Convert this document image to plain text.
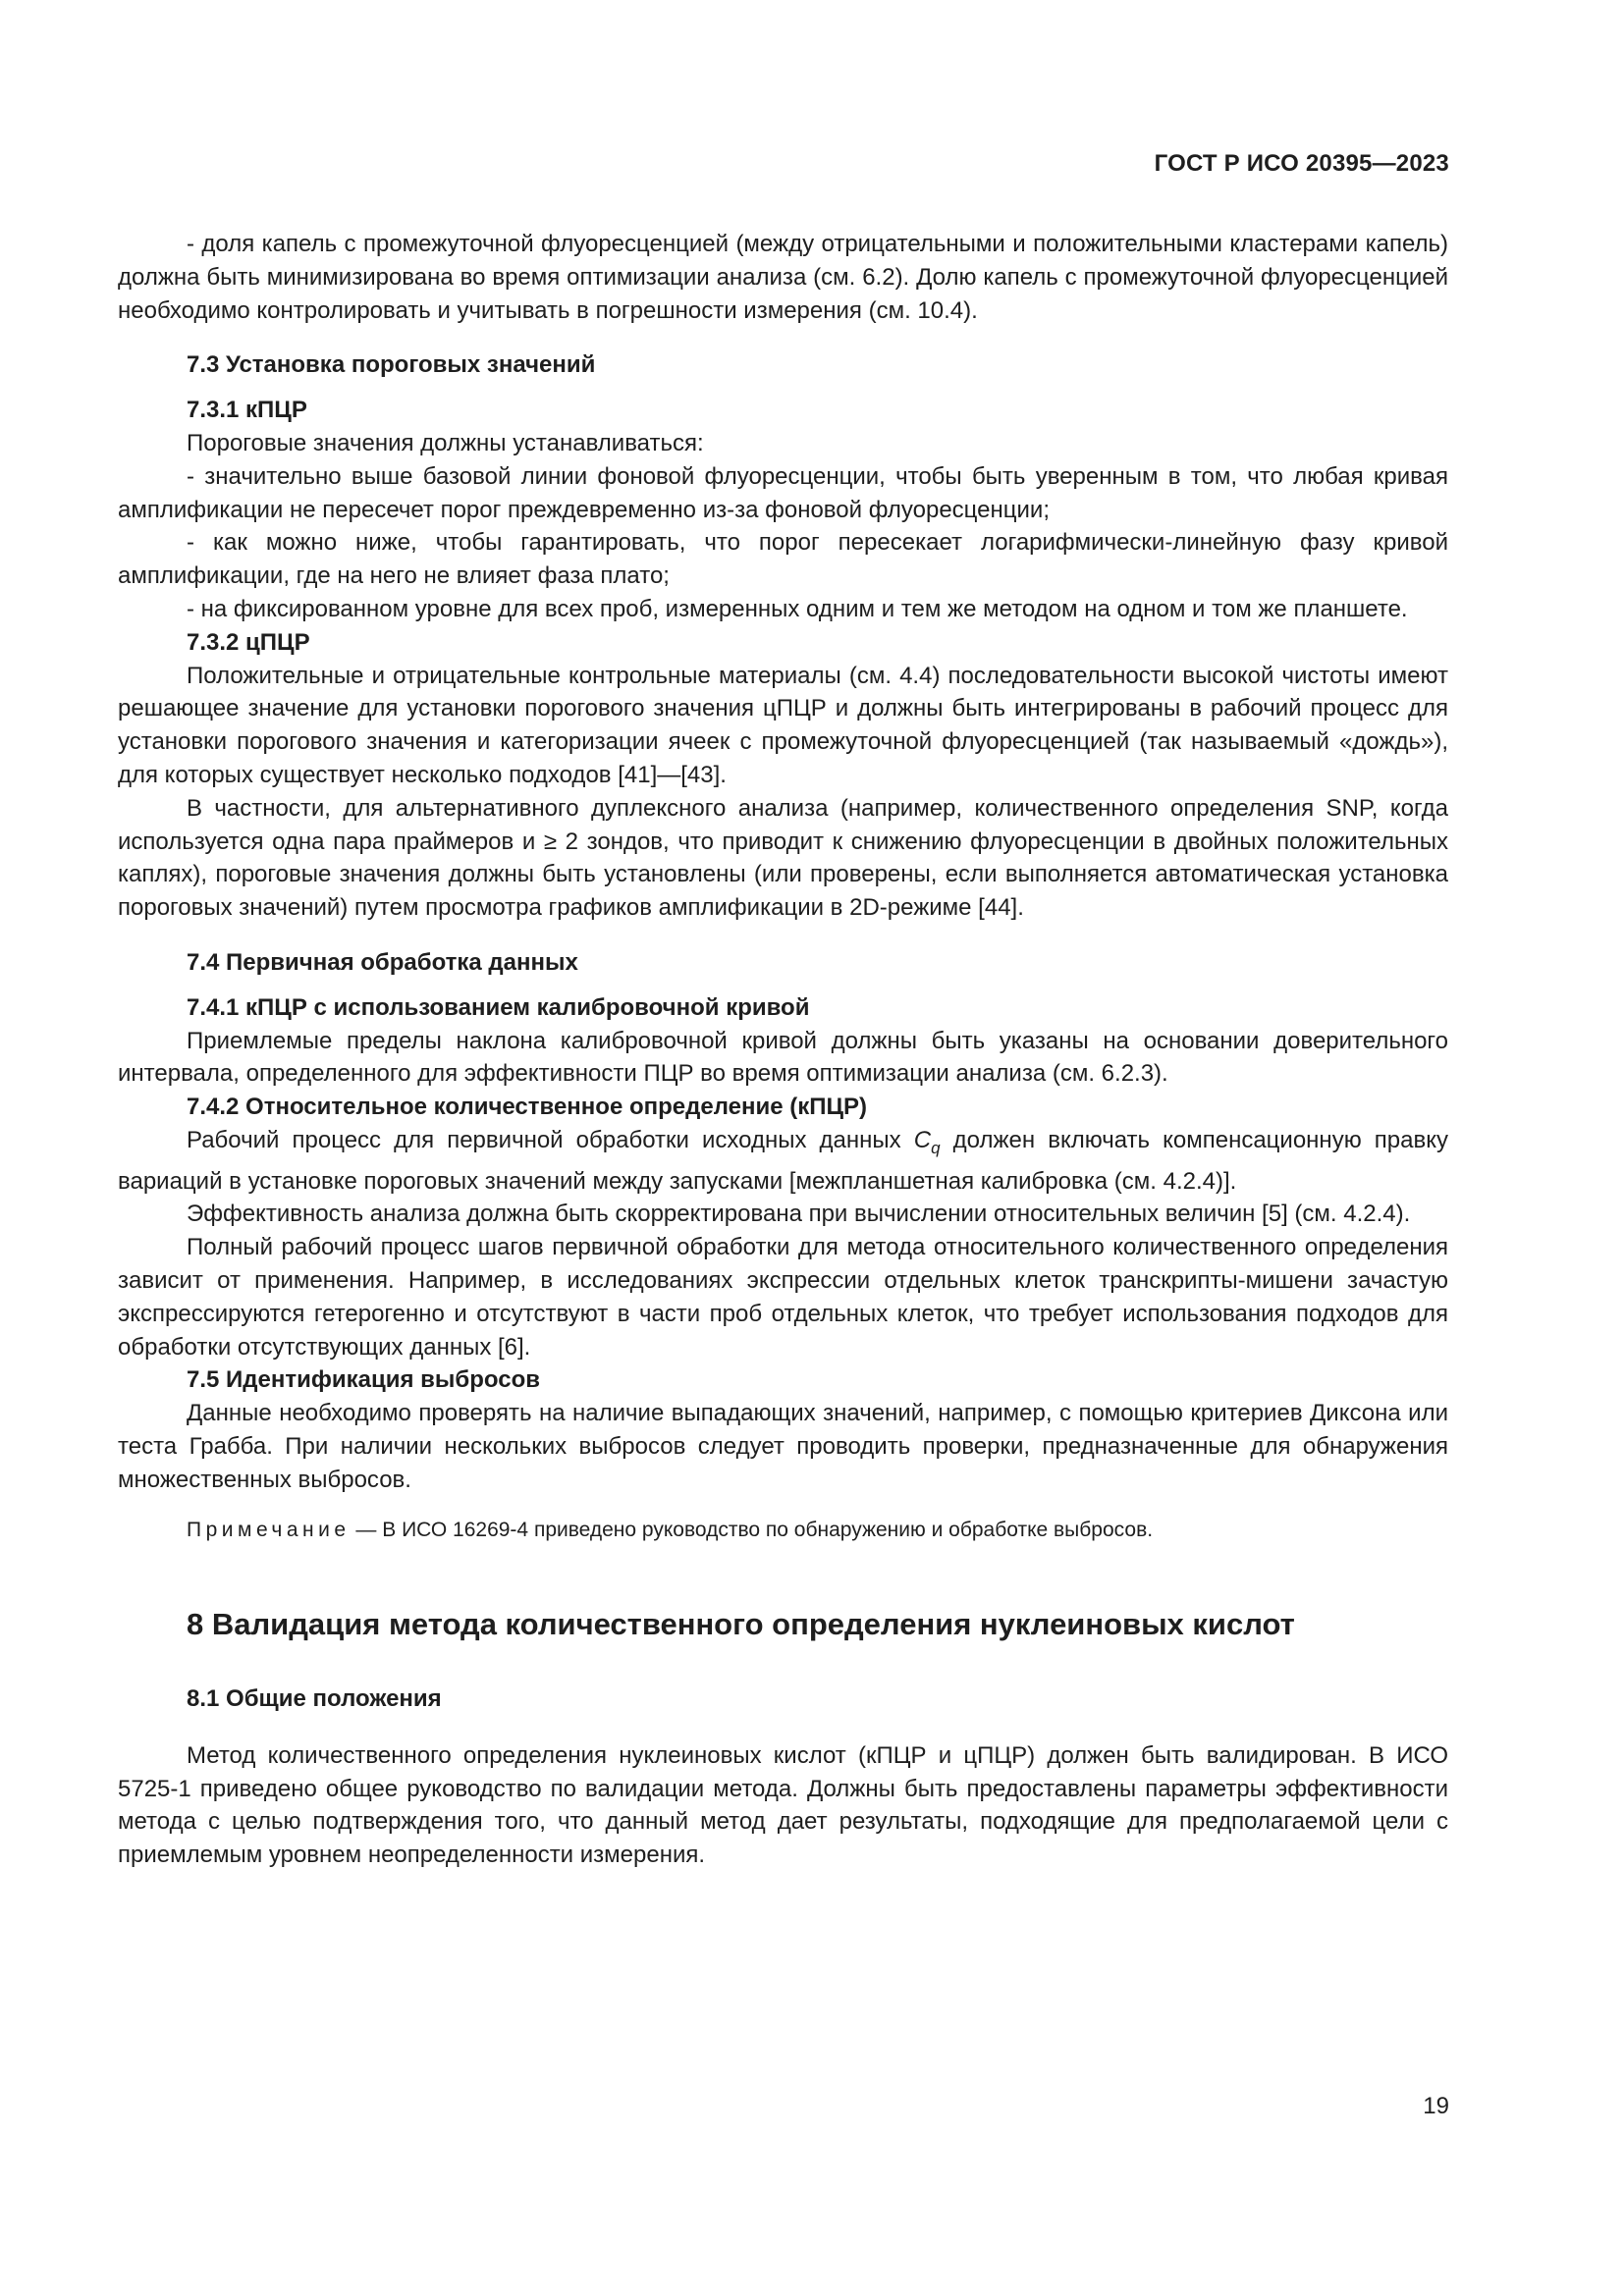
ГОСТ Р ИСО 20395—2023

- доля капель с промежуточной флуоресценцией (между отрицательными и положительными кластерами капель) должна быть минимизирована во время оптимизации анализа (см. 6.2). Долю капель с промежуточной флуоресценцией необходимо контролировать и учитывать в погрешности измерения (см. 10.4).

7.3 Установка пороговых значений

7.3.1 кПЦР

Пороговые значения должны устанавливаться:

- значительно выше базовой линии фоновой флуоресценции, чтобы быть уверенным в том, что любая кривая амплификации не пересечет порог преждевременно из-за фоновой флуоресценции;

- как можно ниже, чтобы гарантировать, что порог пересекает логарифмически-линейную фазу кривой амплификации, где на него не влияет фаза плато;

- на фиксированном уровне для всех проб, измеренных одним и тем же методом на одном и том же планшете.

7.3.2 цПЦР

Положительные и отрицательные контрольные материалы (см. 4.4) последовательности высокой чистоты имеют решающее значение для установки порогового значения цПЦР и должны быть интегрированы в рабочий процесс для установки порогового значения и категоризации ячеек с промежуточной флуоресценцией (так называемый «дождь»), для которых существует несколько подходов [41]—[43].

В частности, для альтернативного дуплексного анализа (например, количественного определения SNP, когда используется одна пара праймеров и ≥ 2 зондов, что приводит к снижению флуоресценции в двойных положительных каплях), пороговые значения должны быть установлены (или проверены, если выполняется автоматическая установка пороговых значений) путем просмотра графиков амплификации в 2D-режиме [44].

7.4 Первичная обработка данных

7.4.1 кПЦР с использованием калибровочной кривой

Приемлемые пределы наклона калибровочной кривой должны быть указаны на основании доверительного интервала, определенного для эффективности ПЦР во время оптимизации анализа (см. 6.2.3).

7.4.2 Относительное количественное определение (кПЦР)

Рабочий процесс для первичной обработки исходных данных $C_q$ должен включать компенсационную правку вариаций в установке пороговых значений между запусками [межпланшетная калибровка (см. 4.2.4)].

Эффективность анализа должна быть скорректирована при вычислении относительных величин [5] (см. 4.2.4).

Полный рабочий процесс шагов первичной обработки для метода относительного количественного определения зависит от применения. Например, в исследованиях экспрессии отдельных клеток транскрипты-мишени зачастую экспрессируются гетерогенно и отсутствуют в части проб отдельных клеток, что требует использования подходов для обработки отсутствующих данных [6].

7.5 Идентификация выбросов

Данные необходимо проверять на наличие выпадающих значений, например, с помощью критериев Диксона или теста Грабба. При наличии нескольких выбросов следует проводить проверки, предназначенные для обнаружения множественных выбросов.

Примечание — В ИСО 16269-4 приведено руководство по обнаружению и обработке выбросов.

8 Валидация метода количественного определения нуклеиновых кислот

8.1 Общие положения

Метод количественного определения нуклеиновых кислот (кПЦР и цПЦР) должен быть валидирован. В ИСО 5725-1 приведено общее руководство по валидации метода. Должны быть предоставлены параметры эффективности метода с целью подтверждения того, что данный метод дает результаты, подходящие для предполагаемой цели с приемлемым уровнем неопределенности измерения.

19
